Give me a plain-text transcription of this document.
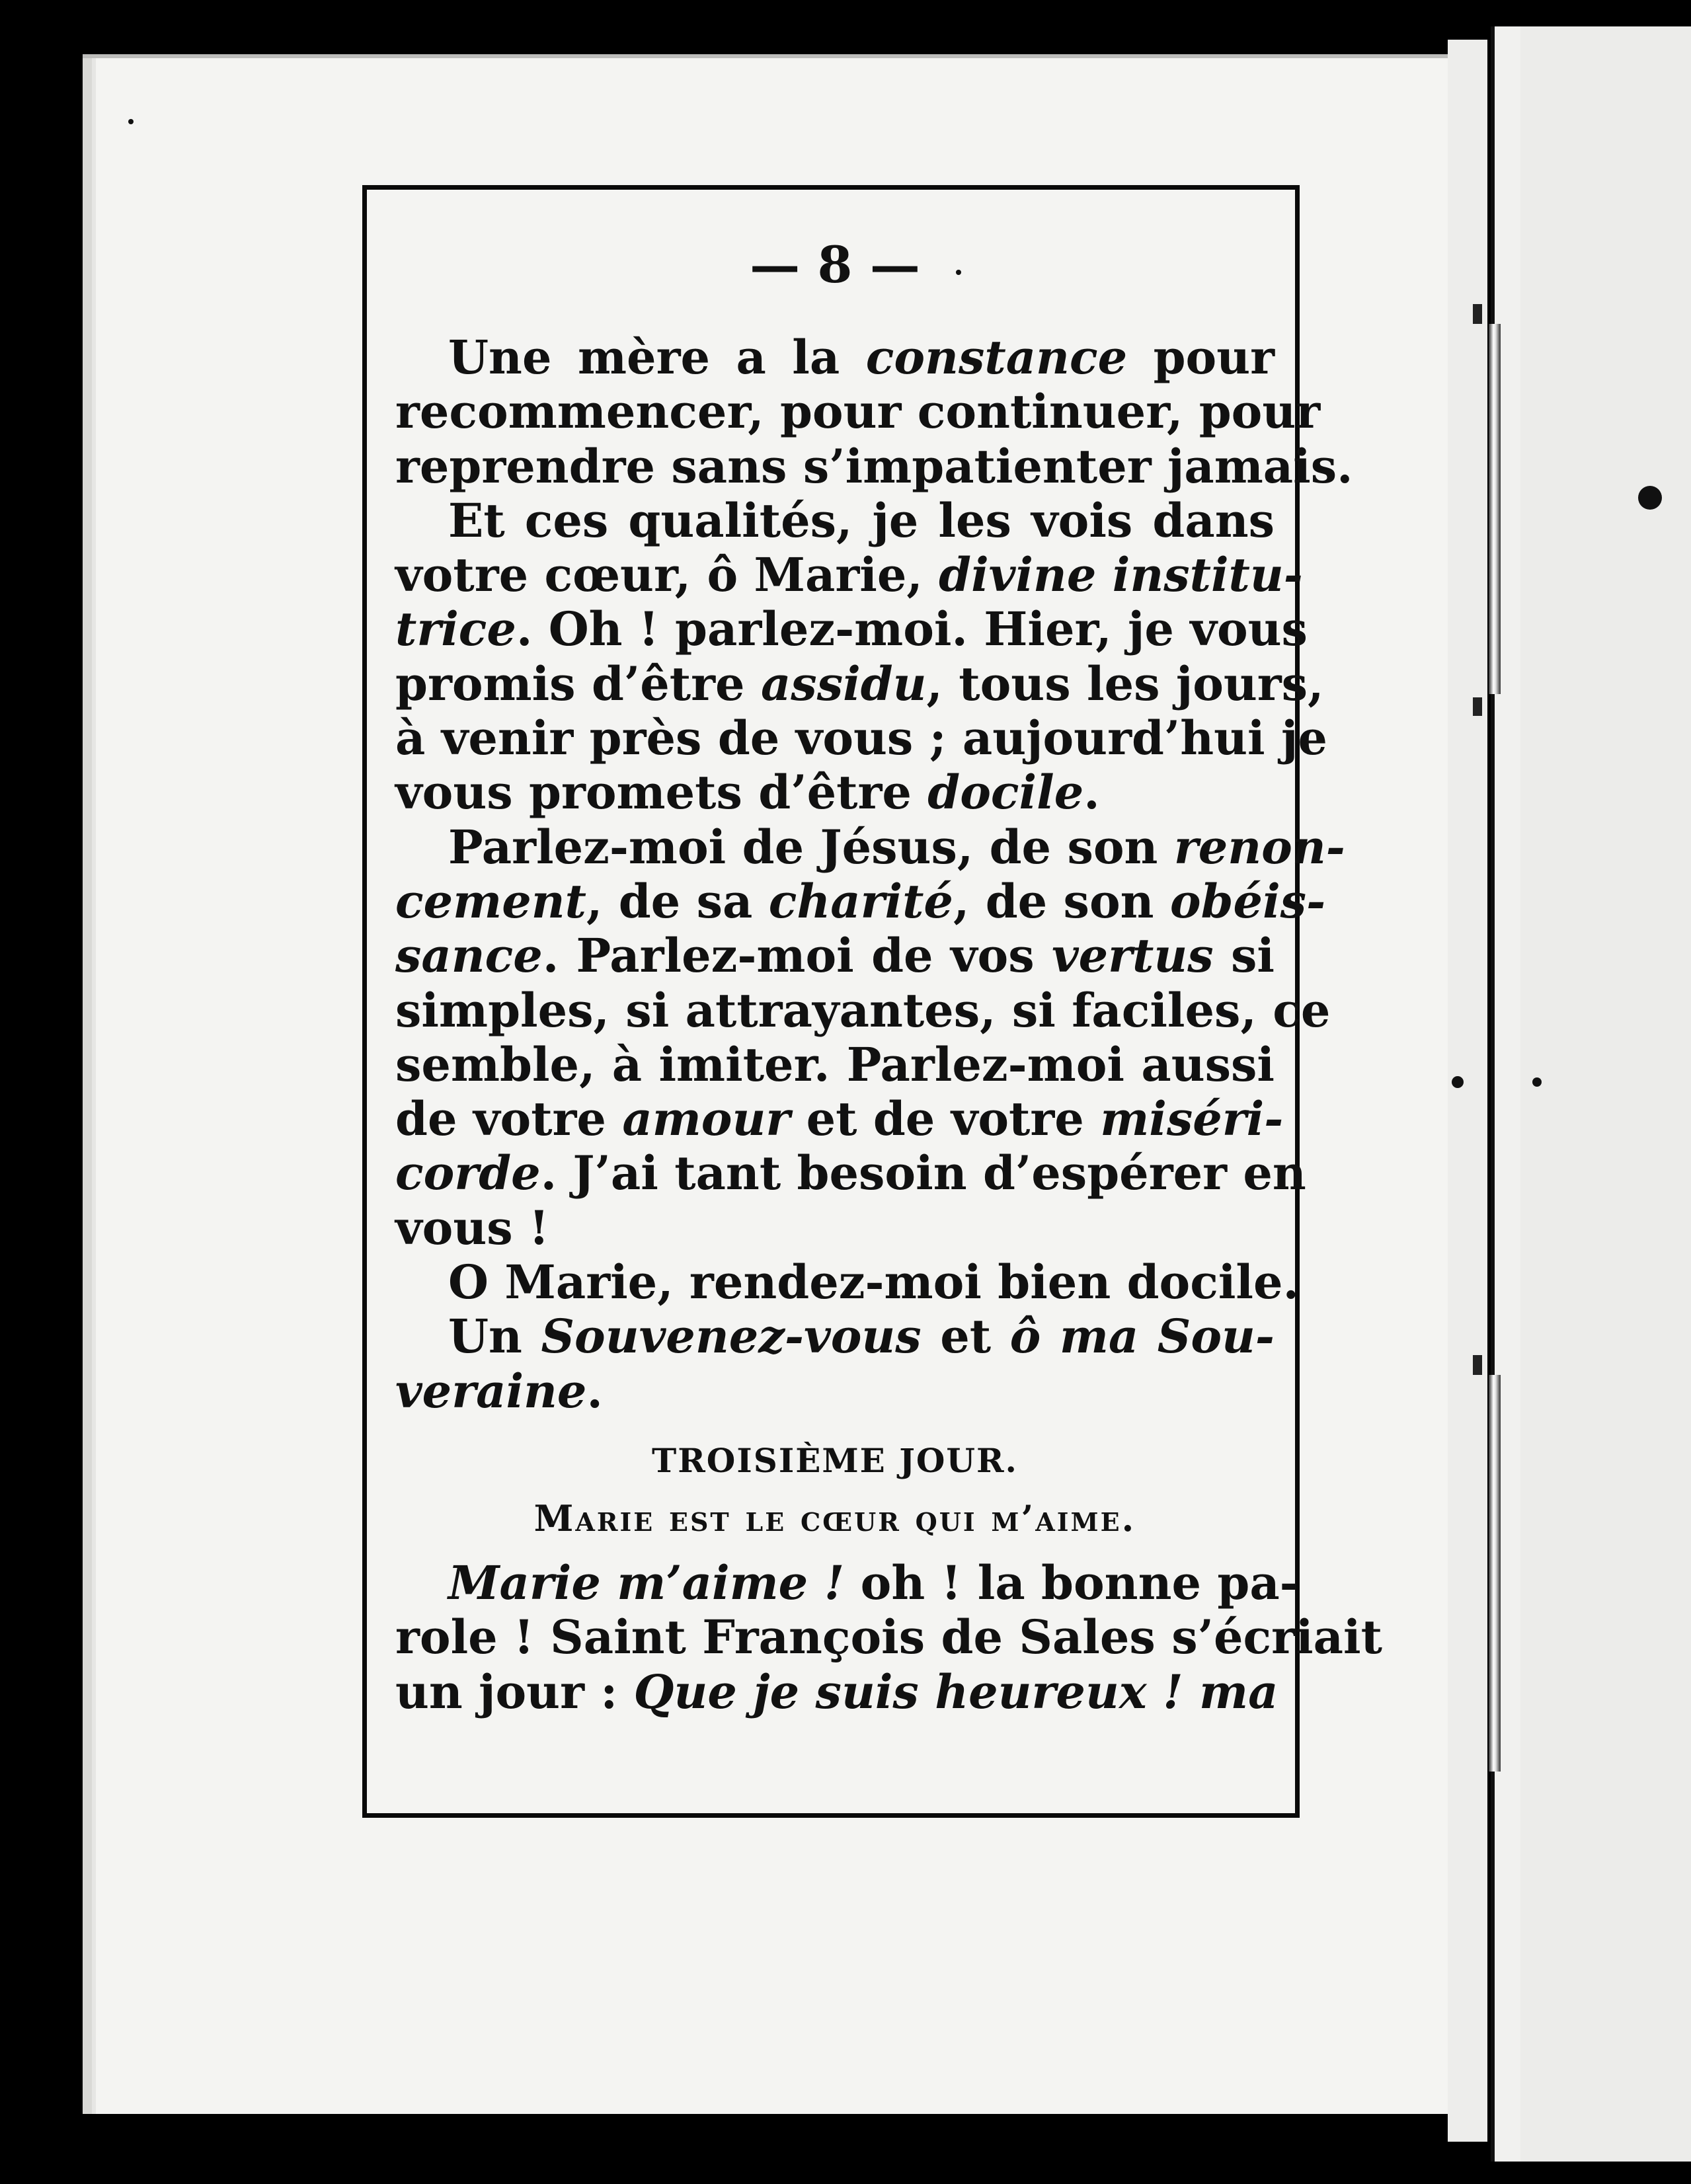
— 8 —
Une mère a la constance pour
recommencer, pour continuer, pour
reprendre sans s’impatienter jamais.
Et ces qualités, je les vois dans
votre cœur, ô Marie, divine institu-
trice. Oh ! parlez-moi. Hier, je vous
promis d’être assidu, tous les jours,
à venir près de vous ; aujourd’hui je
vous promets d’être docile.
Parlez-moi de Jésus, de son renon-
cement, de sa charité, de son obéis-
sance. Parlez-moi de vos vertus si
simples, si attrayantes, si faciles, ce
semble, à imiter. Parlez-moi aussi
de votre amour et de votre miséri-
corde. J’ai tant besoin d’espérer en
vous !
O Marie, rendez-moi bien docile.
Un Souvenez-vous et ô ma Sou-
veraine.
TROISIÈME JOUR.
Marie est le cœur qui m’aime.
Marie m’aime ! oh ! la bonne pa-
role ! Saint François de Sales s’écriait
un jour : Que je suis heureux ! ma
